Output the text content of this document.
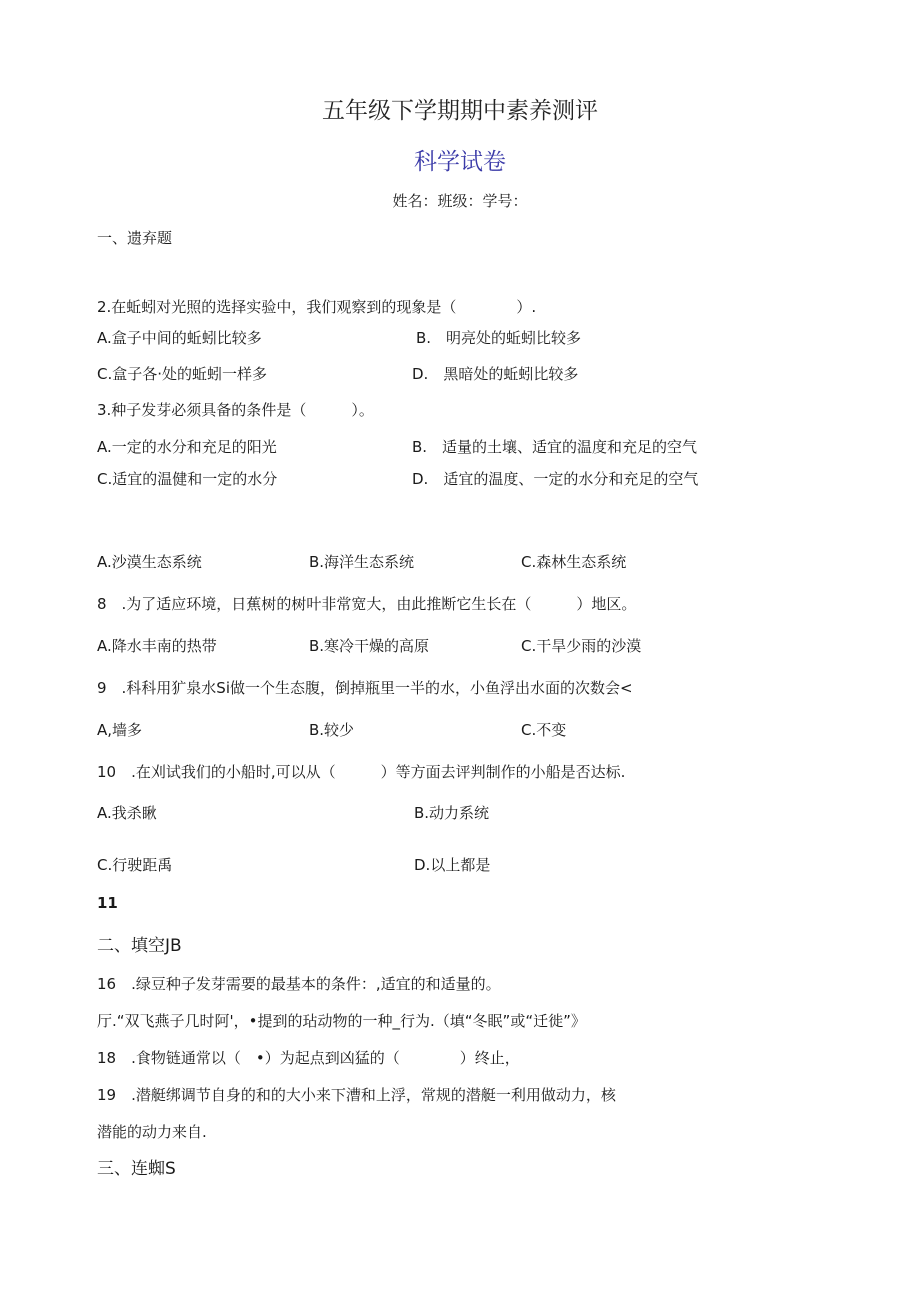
五年级下学期期中素养测评
科学试卷
姓名：班级：学号：
一、遗弃题
2.在蚯蚓对光照的选择实验中，我们观察到的现象是（　　　　）.
A.盒子中间的蚯蚓比较多	B.　明亮处的蚯蚓比较多
C.盒子各·处的蚯蚓一样多	D.　黑暗处的蚯蚓比较多
3.种子发芽必须具备的条件是（　　　）。
A.一定的水分和充足的阳光	B.　适量的土壤、适宜的温度和充足的空气
C.适宜的温健和一定的水分	D.　适宜的温度、一定的水分和充足的空气
A.沙漠生态系统	B.海洋生态系统	C.森林生态系统
8　.为了适应环境，日蕉树的树叶非常宽大，由此推断它生长在（　　　）地区。
A.降水丰南的热带	B.寒冷干燥的高原	C.干旱少雨的沙漠
9　.科科用犷泉水Si做一个生态腹，倒掉瓶里一半的水，小鱼浮出水面的次数会<
A,墙多	B.较少	C.不变
10　.在刈试我们的小船时,可以从（　　　）等方面去评判制作的小船是否达标.
A.我杀瞅	B.动力系统
C.行驶距禹	D.以上都是
11
二、填空JB
16　.绿豆种子发芽需要的最基本的条件：,适宜的和适量的。
厅.“双飞燕子几时阿'，•提到的玷动物的一种_行为.（填“冬眠”或“迁徙”》
18　.食物链通常以（　•）为起点到凶猛的（　　　　）终止，
19　.潜艇绑调节自身的和的大小来下漕和上浮，常规的潜艇一利用做动力，核
潜能的动力来自.
三、连蜘S
